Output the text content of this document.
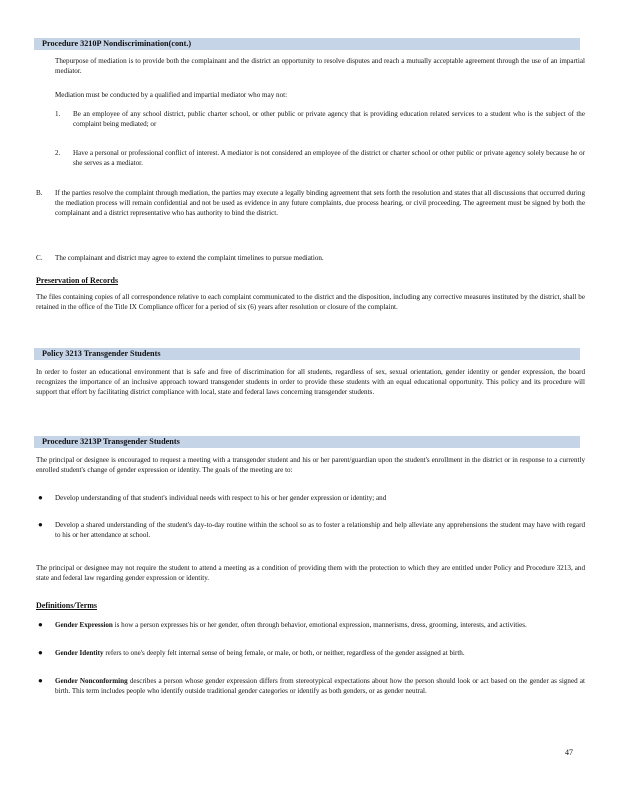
Procedure 3210P Nondiscrimination(cont.)
Thepurpose of mediation is to provide both the complainant and the district an opportunity to resolve disputes and reach a mutually acceptable agreement through the use of an impartial mediator.
Mediation must be conducted by a qualified and impartial mediator who may not:
1. Be an employee of any school district, public charter school, or other public or private agency that is providing education related services to a student who is the subject of the complaint being mediated; or
2. Have a personal or professional conflict of interest. A mediator is not considered an employee of the district or charter school or other public or private agency solely because he or she serves as a mediator.
B. If the parties resolve the complaint through mediation, the parties may execute a legally binding agreement that sets forth the resolution and states that all discussions that occurred during the mediation process will remain confidential and not be used as evidence in any future complaints, due process hearing, or civil proceeding. The agreement must be signed by both the complainant and a district representative who has authority to bind the district.
C. The complainant and district may agree to extend the complaint timelines to pursue mediation.
Preservation of Records
The files containing copies of all correspondence relative to each complaint communicated to the district and the disposition, including any corrective measures instituted by the district, shall be retained in the office of the Title IX Compliance officer for a period of six (6) years after resolution or closure of the complaint.
Policy 3213 Transgender Students
In order to foster an educational environment that is safe and free of discrimination for all students, regardless of sex, sexual orientation, gender identity or gender expression, the board recognizes the importance of an inclusive approach toward transgender students in order to provide these students with an equal educational opportunity. This policy and its procedure will support that effort by facilitating district compliance with local, state and federal laws concerning transgender students.
Procedure 3213P Transgender Students
The principal or designee is encouraged to request a meeting with a transgender student and his or her parent/guardian upon the student's enrollment in the district or in response to a currently enrolled student's change of gender expression or identity. The goals of the meeting are to:
● Develop understanding of that student's individual needs with respect to his or her gender expression or identity; and
● Develop a shared understanding of the student's day-to-day routine within the school so as to foster a relationship and help alleviate any apprehensions the student may have with regard to his or her attendance at school.
The principal or designee may not require the student to attend a meeting as a condition of providing them with the protection to which they are entitled under Policy and Procedure 3213, and state and federal law regarding gender expression or identity.
Definitions/Terms
● Gender Expression is how a person expresses his or her gender, often through behavior, emotional expression, mannerisms, dress, grooming, interests, and activities.
● Gender Identity refers to one's deeply felt internal sense of being female, or male, or both, or neither, regardless of the gender assigned at birth.
● Gender Nonconforming describes a person whose gender expression differs from stereotypical expectations about how the person should look or act based on the gender as signed at birth. This term includes people who identify outside traditional gender categories or identify as both genders, or as gender neutral.
47
